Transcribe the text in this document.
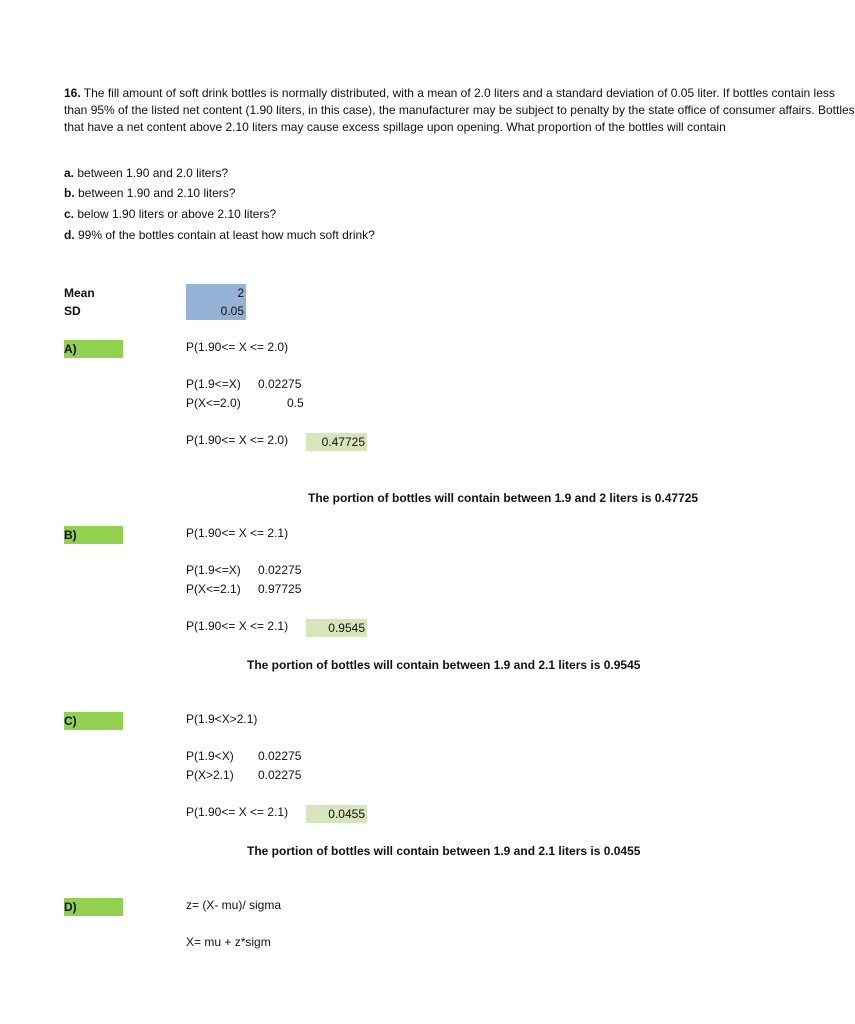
16. The fill amount of soft drink bottles is normally distributed, with a mean of 2.0 liters and a standard deviation of 0.05 liter. If bottles contain less
than 95% of the listed net content (1.90 liters, in this case), the manufacturer may be subject to penalty by the state office of consumer affairs. Bottles
that have a net content above 2.10 liters may cause excess spillage upon opening. What proportion of the bottles will contain
a. between 1.90 and 2.0 liters?
b. between 1.90 and 2.10 liters?
c. below 1.90 liters or above 2.10 liters?
d. 99% of the bottles contain at least how much soft drink?
Mean	2
SD	0.05
A)	P(1.90<= X <= 2.0)
P(1.9<=X) 0.02275
P(X<=2.0)	0.5
P(1.90<= X <= 2.0)	0.47725
The portion of bottles will contain between 1.9 and 2 liters is 0.47725
B)	P(1.90<= X <= 2.1)
P(1.9<=X) 0.02275
P(X<=2.1) 0.97725
P(1.90<= X <= 2.1)	0.9545
The portion of bottles will contain between 1.9 and 2.1 liters is 0.9545
C)	P(1.9<X>2.1)
P(1.9<X) 0.02275
P(X>2.1) 0.02275
P(1.90<= X <= 2.1)	0.0455
The portion of bottles will contain between 1.9 and 2.1 liters is 0.0455
D)	z= (X- mu)/ sigma
X= mu + z*sigm
